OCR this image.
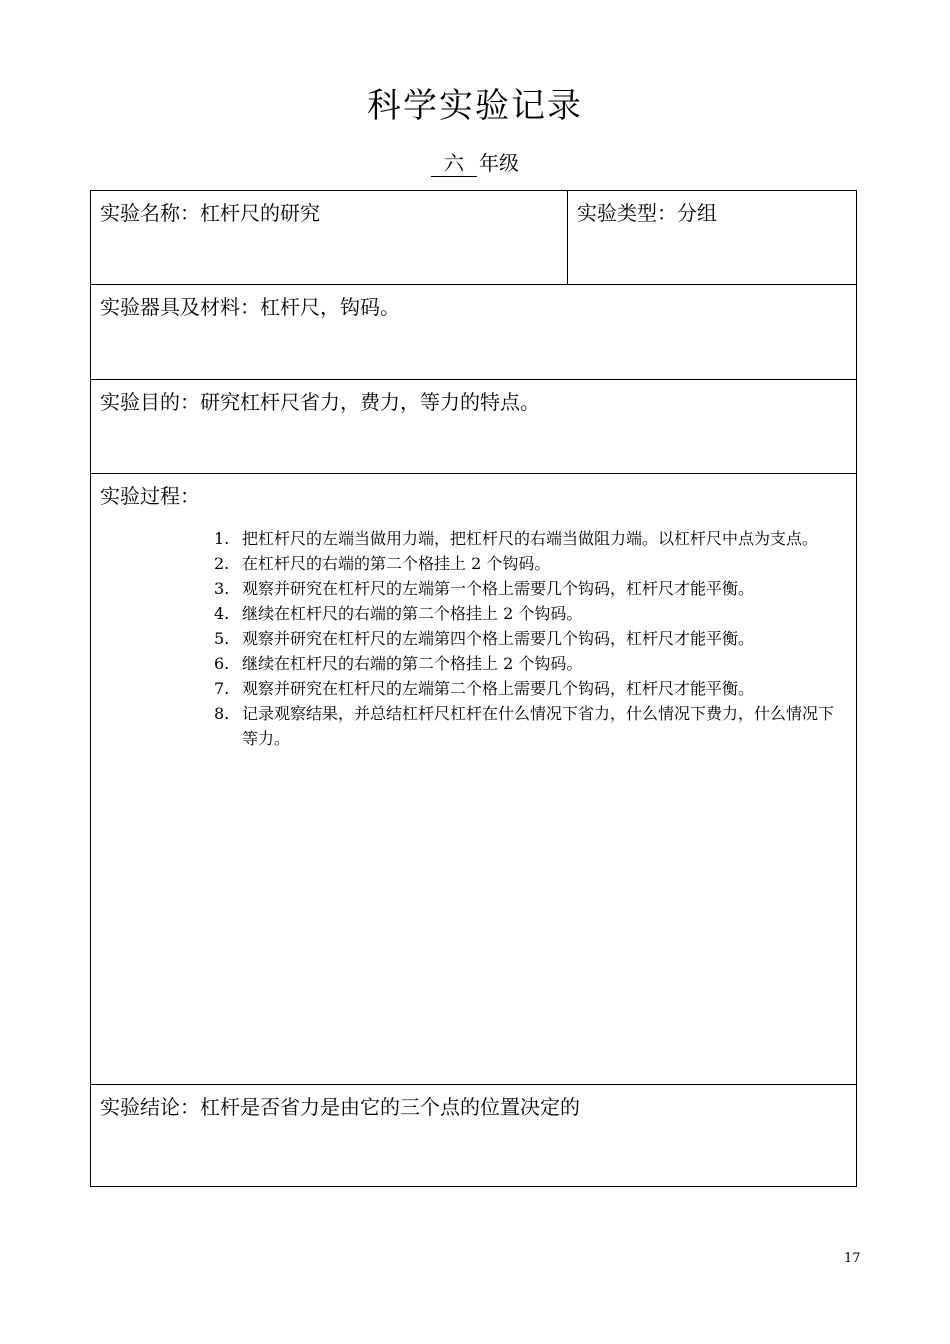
科学实验记录
六 年级
实验名称：杠杆尺的研究	实验类型：分组
实验器具及材料：杠杆尺，钩码。
实验目的：研究杠杆尺省力，费力，等力的特点。

实验过程：
1. 把杠杆尺的左端当做用力端，把杠杆尺的右端当做阻力端。以杠杆尺中点为支点。
2. 在杠杆尺的右端的第二个格挂上 2 个钩码。
3. 观察并研究在杠杆尺的左端第一个格上需要几个钩码，杠杆尺才能平衡。
4. 继续在杠杆尺的右端的第二个格挂上 2 个钩码。
5. 观察并研究在杠杆尺的左端第四个格上需要几个钩码，杠杆尺才能平衡。
6. 继续在杠杆尺的右端的第二个格挂上 2 个钩码。
7. 观察并研究在杠杆尺的左端第二个格上需要几个钩码，杠杆尺才能平衡。
8. 记录观察结果，并总结杠杆尺杠杆在什么情况下省力，什么情况下费力，什么情况下等力。

实验结论：杠杆是否省力是由它的三个点的位置决定的
17
